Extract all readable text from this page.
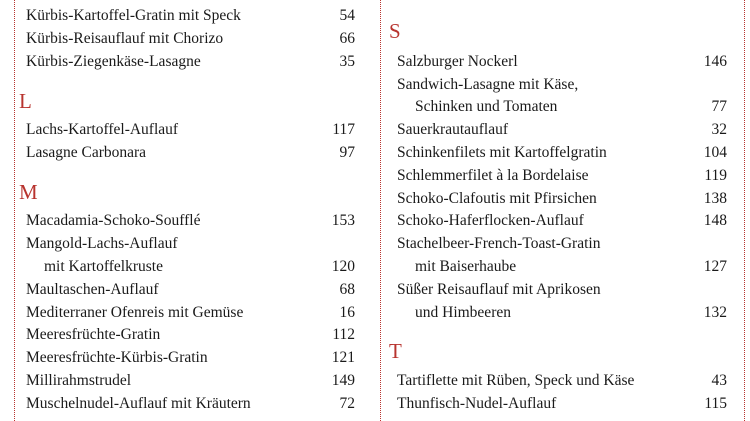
Kürbis-Kartoffel-Gratin mit Speck	54
Kürbis-Reisauflauf mit Chorizo	66
Kürbis-Ziegenkäse-Lasagne	35
L
Lachs-Kartoffel-Auflauf	117
Lasagne Carbonara	97
M
Macadamia-Schoko-Soufflé	153
Mangold-Lachs-Auflauf
mit Kartoffelkruste	120
Maultaschen-Auflauf	68
Mediterraner Ofenreis mit Gemüse	16
Meeresfrüchte-Gratin	112
Meeresfrüchte-Kürbis-Gratin	121
Millirahmstrudel	149
Muschelnudel-Auflauf mit Kräutern	72
S
Salzburger Nockerl	146
Sandwich-Lasagne mit Käse,
Schinken und Tomaten	77
Sauerkrautauflauf	32
Schinkenfilets mit Kartoffelgratin	104
Schlemmerfilet à la Bordelaise	119
Schoko-Clafoutis mit Pfirsichen	138
Schoko-Haferflocken-Auflauf	148
Stachelbeer-French-Toast-Gratin
mit Baiserhaube	127
Süßer Reisauflauf mit Aprikosen
und Himbeeren	132
T
Tartiflette mit Rüben, Speck und Käse	43
Thunfisch-Nudel-Auflauf	115
